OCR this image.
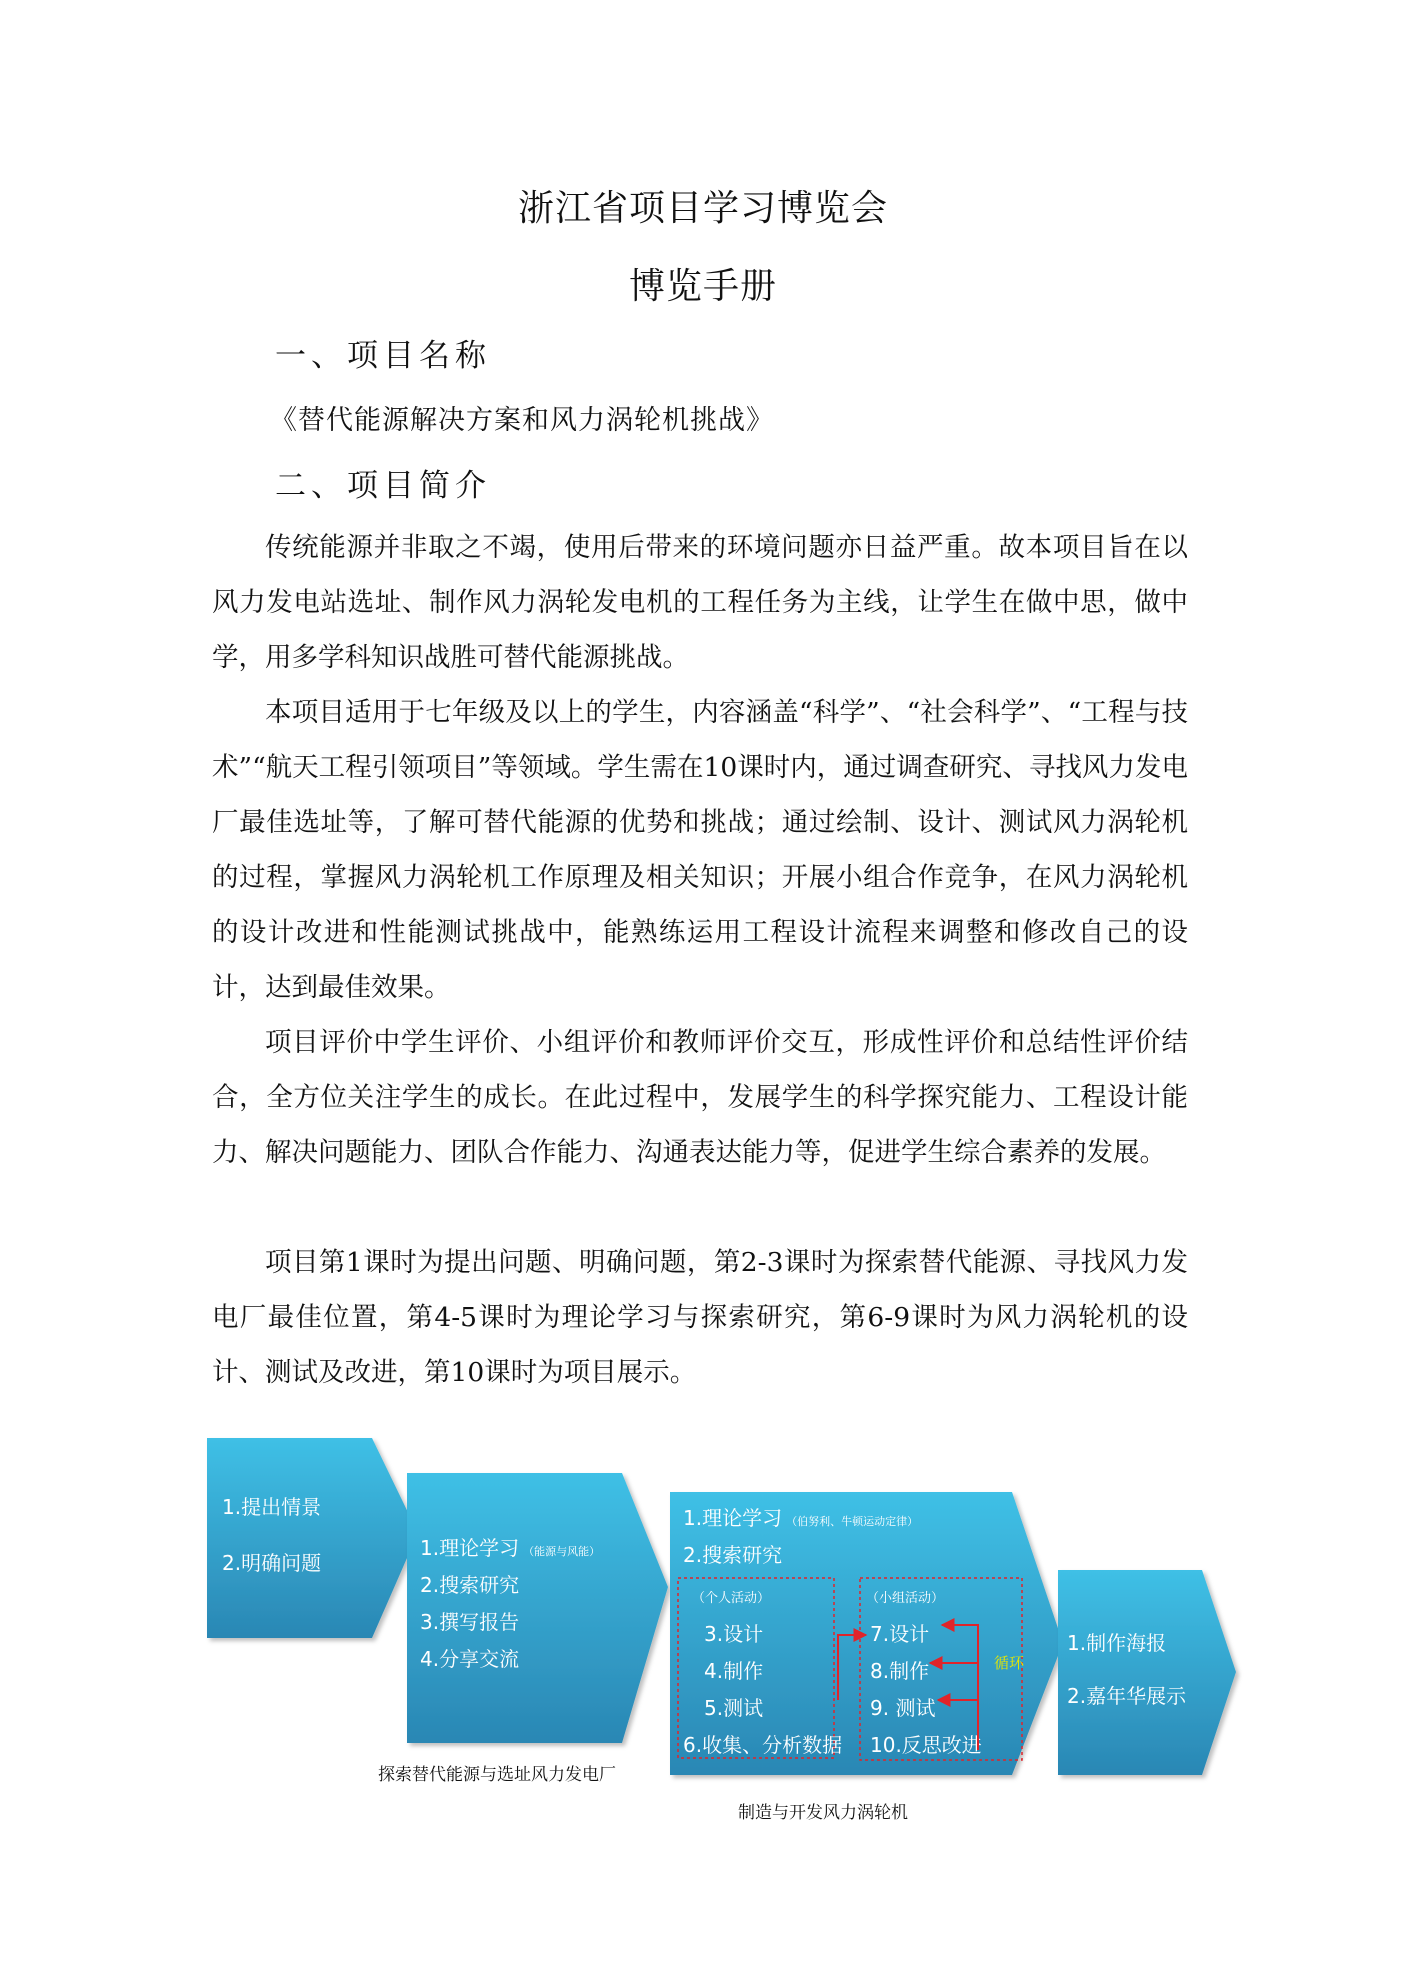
浙江省项目学习博览会
博览手册
一、项目名称
《替代能源解决方案和风力涡轮机挑战》
二、项目简介

传统能源并非取之不竭，使用后带来的环境问题亦日益严重。故本项目旨在以风力发电站选址、制作风力涡轮发电机的工程任务为主线，让学生在做中思，做中学，用多学科知识战胜可替代能源挑战。

本项目适用于七年级及以上的学生，内容涵盖“科学”、“社会科学”、“工程与技术”“航天工程引领项目”等领域。学生需在10课时内，通过调查研究、寻找风力发电厂最佳选址等，了解可替代能源的优势和挑战；通过绘制、设计、测试风力涡轮机的过程，掌握风力涡轮机工作原理及相关知识；开展小组合作竞争，在风力涡轮机的设计改进和性能测试挑战中，能熟练运用工程设计流程来调整和修改自己的设计，达到最佳效果。

项目评价中学生评价、小组评价和教师评价交互，形成性评价和总结性评价结合，全方位关注学生的成长。在此过程中，发展学生的科学探究能力、工程设计能力、解决问题能力、团队合作能力、沟通表达能力等，促进学生综合素养的发展。

项目第1课时为提出问题、明确问题，第2-3课时为探索替代能源、寻找风力发电厂最佳位置，第4-5课时为理论学习与探索研究，第6-9课时为风力涡轮机的设计、测试及改进，第10课时为项目展示。

1.提出情景
2.明确问题
1.理论学习 （能源与风能）
2.搜索研究
3.撰写报告
4.分享交流
探索替代能源与选址风力发电厂
1.理论学习 （伯努利、牛顿运动定律）
2.搜索研究
（个人活动）
3.设计
4.制作
5.测试
6.收集、分析数据
（小组活动）
7.设计
8.制作
9. 测试
10.反思改进
循环
制造与开发风力涡轮机
1.制作海报
2.嘉年华展示
